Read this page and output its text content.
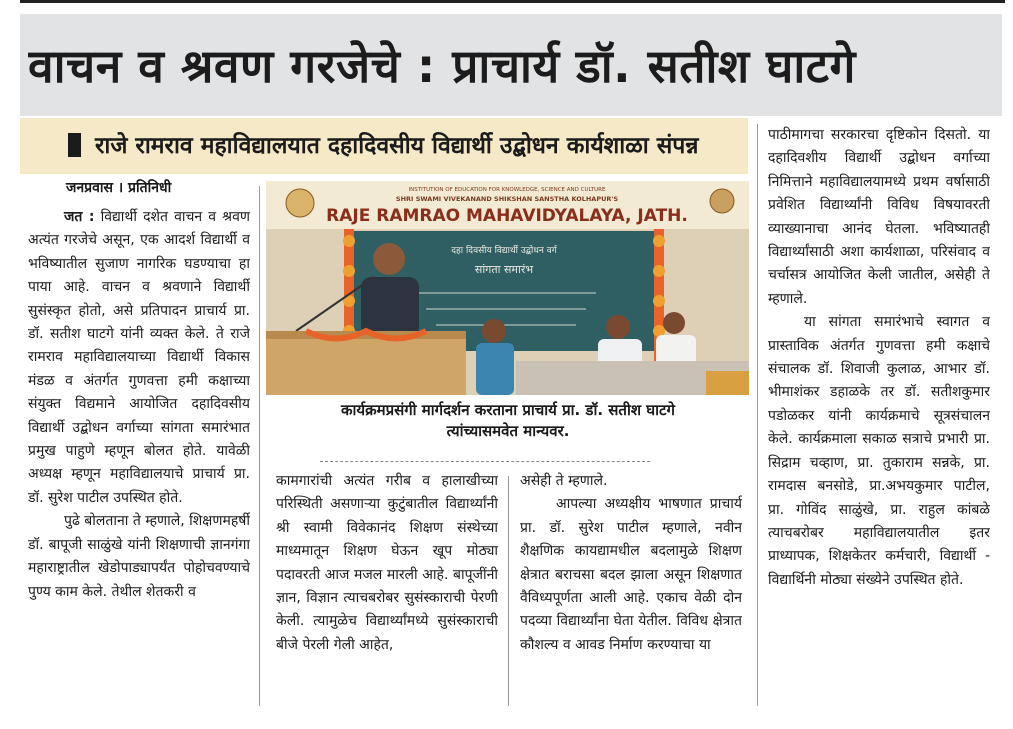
वाचन व श्रवण गरजेचे : प्राचार्य डॉ. सतीश घाटगे
राजे रामराव महाविद्यालयात दहादिवसीय विद्यार्थी उद्बोधन कार्यशाळा संपन्न
जनप्रवास । प्रतिनिधी

जत : विद्यार्थी दशेत वाचन व श्रवण अत्यंत गरजेचे असून, एक आदर्श विद्यार्थी व भविष्यातील सुजाण नागरिक घडण्याचा हा पाया आहे. वाचन व श्रवणाने विद्यार्थी सुसंस्कृत होतो, असे प्रतिपादन प्राचार्य प्रा. डॉ. सतीश घाटगे यांनी व्यक्त केले. ते राजे रामराव महाविद्यालयाच्या विद्यार्थी विकास मंडळ व अंतर्गत गुणवत्ता हमी कक्षाच्या संयुक्त विद्यमाने आयोजित दहादिवसीय विद्यार्थी उद्बोधन वर्गाच्या सांगता समारंभात प्रमुख पाहुणे म्हणून बोलत होते. यावेळी अध्यक्ष म्हणून महाविद्यालयाचे प्राचार्य प्रा. डॉ. सुरेश पाटील उपस्थित होते.

पुढे बोलताना ते म्हणाले, शिक्षणमहर्षी डॉ. बापूजी साळुंखे यांनी शिक्षणाची ज्ञानगंगा महाराष्ट्रातील खेडोपाड्यापर्यंत पोहोचवण्याचे पुण्य काम केले. तेथील शेतकरी व

INSTITUTION OF EDUCATION FOR KNOWLEDGE, SCIENCE AND CULTURE
SHRI SWAMI VIVEKANAND SHIKSHAN SANSTHA KOLHAPUR'S
RAJE RAMRAO MAHAVIDYALAYA, JATH.
दहा दिवसीय विद्यार्थी उद्बोधन वर्ग
सांगता समारंभ
कार्यक्रमप्रसंगी मार्गदर्शन करताना प्राचार्य प्रा. डॉ. सतीश घाटगे
त्यांच्यासमवेत मान्यवर.

कामगारांची अत्यंत गरीब व हालाखीच्या परिस्थिती असणाऱ्या कुटुंबातील विद्यार्थ्यांनी श्री स्वामी विवेकानंद शिक्षण संस्थेच्या माध्यमातून शिक्षण घेऊन खूप मोठ्या पदावरती आज मजल मारली आहे. बापूजींनी ज्ञान, विज्ञान त्याचबरोबर सुसंस्काराची पेरणी केली. त्यामुळेच विद्यार्थ्यांमध्ये सुसंस्काराची बीजे पेरली गेली आहेत,

असेही ते म्हणाले.

आपल्या अध्यक्षीय भाषणात प्राचार्य प्रा. डॉ. सुरेश पाटील म्हणाले, नवीन शैक्षणिक कायद्यामधील बदलामुळे शिक्षण क्षेत्रात बराचसा बदल झाला असून शिक्षणात वैविध्यपूर्णता आली आहे. एकाच वेळी दोन पदव्या विद्यार्थ्यांना घेता येतील. विविध क्षेत्रात कौशल्य व आवड निर्माण करण्याचा या

पाठीमागचा सरकारचा दृष्टिकोन दिसतो. या दहादिवशीय विद्यार्थी उद्बोधन वर्गाच्या निमित्ताने महाविद्यालयामध्ये प्रथम वर्षासाठी प्रवेशित विद्यार्थ्यांनी विविध विषयावरती व्याख्यानाचा आनंद घेतला. भविष्यातही विद्यार्थ्यांसाठी अशा कार्यशाळा, परिसंवाद व चर्चासत्र आयोजित केली जातील, असेही ते म्हणाले.

या सांगता समारंभाचे स्वागत व प्रास्ताविक अंतर्गत गुणवत्ता हमी कक्षाचे संचालक डॉ. शिवाजी कुलाळ, आभार डॉ. भीमाशंकर डहाळके तर डॉ. सतीशकुमार पडोळकर यांनी कार्यक्रमाचे सूत्रसंचालन केले. कार्यक्रमाला सकाळ सत्राचे प्रभारी प्रा. सिद्राम चव्हाण, प्रा. तुकाराम सन्नके, प्रा. रामदास बनसोडे, प्रा.अभयकुमार पाटील, प्रा. गोविंद साळुंखे, प्रा. राहुल कांबळे त्याचबरोबर महाविद्यालयातील इतर प्राध्यापक, शिक्षकेतर कर्मचारी, विद्यार्थी - विद्यार्थिनी मोठ्या संख्येने उपस्थित होते.
